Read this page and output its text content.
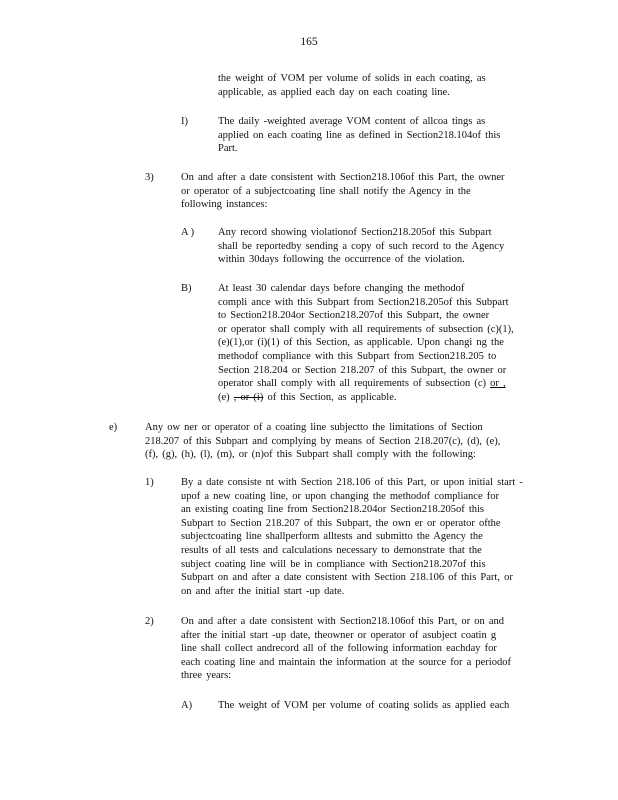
165
the weight of VOM per volume of solids in each coating, as
applicable, as applied each day on each coating line.
I)	The daily -weighted average VOM content of allcoa tings as
applied on each coating line as defined in Section218.104of this
Part.
3)	On and after a date consistent with Section218.106of this Part, the owner
or operator of a subjectcoating line shall notify the Agency in the
following instances:
A ) Any record showing violationof Section218.205of this Subpart
shall be reportedby sending a copy of such record to the Agency
within 30days following the occurrence of the violation.
B)	At least 30 calendar days before changing the methodof
compli ance with this Subpart from Section218.205of this Subpart
to Section218.204or Section218.207of this Subpart, the owner
or operator shall comply with all requirements of subsection (c)(1),
(e)(1),or (i)(1) of this Section, as applicable. Upon changi ng the
methodof compliance with this Subpart from Section218.205 to
Section 218.204 or Section 218.207 of this Subpart, the owner or
operator shall comply with all requirements of subsection (c) or ,
(e) , or (i) of this Section, as applicable.
e)	Any ow ner or operator of a coating line subjectto the limitations of Section
218.207 of this Subpart and complying by means of Section 218.207(c), (d), (e),
(f), (g), (h), (l), (m), or (n)of this Subpart shall comply with the following:
1)	By a date consiste nt with Section 218.106 of this Part, or upon initial start -
upof a new coating line, or upon changing the methodof compliance for
an existing coating line from Section218.204or Section218.205of this
Subpart to Section 218.207 of this Subpart, the own er or operator ofthe
subjectcoating line shallperform alltests and submitto the Agency the
results of all tests and calculations necessary to demonstrate that the
subject coating line will be in compliance with Section218.207of this
Subpart on and after a date consistent with Section 218.106 of this Part, or
on and after the initial start -up date.
2)	On and after a date consistent with Section218.106of this Part, or on and
after the initial start -up date, theowner or operator of asubject coatin g
line shall collect andrecord all of the following information eachday for
each coating line and maintain the information at the source for a periodof
three years:
A) The weight of VOM per volume of coating solids as applied each
